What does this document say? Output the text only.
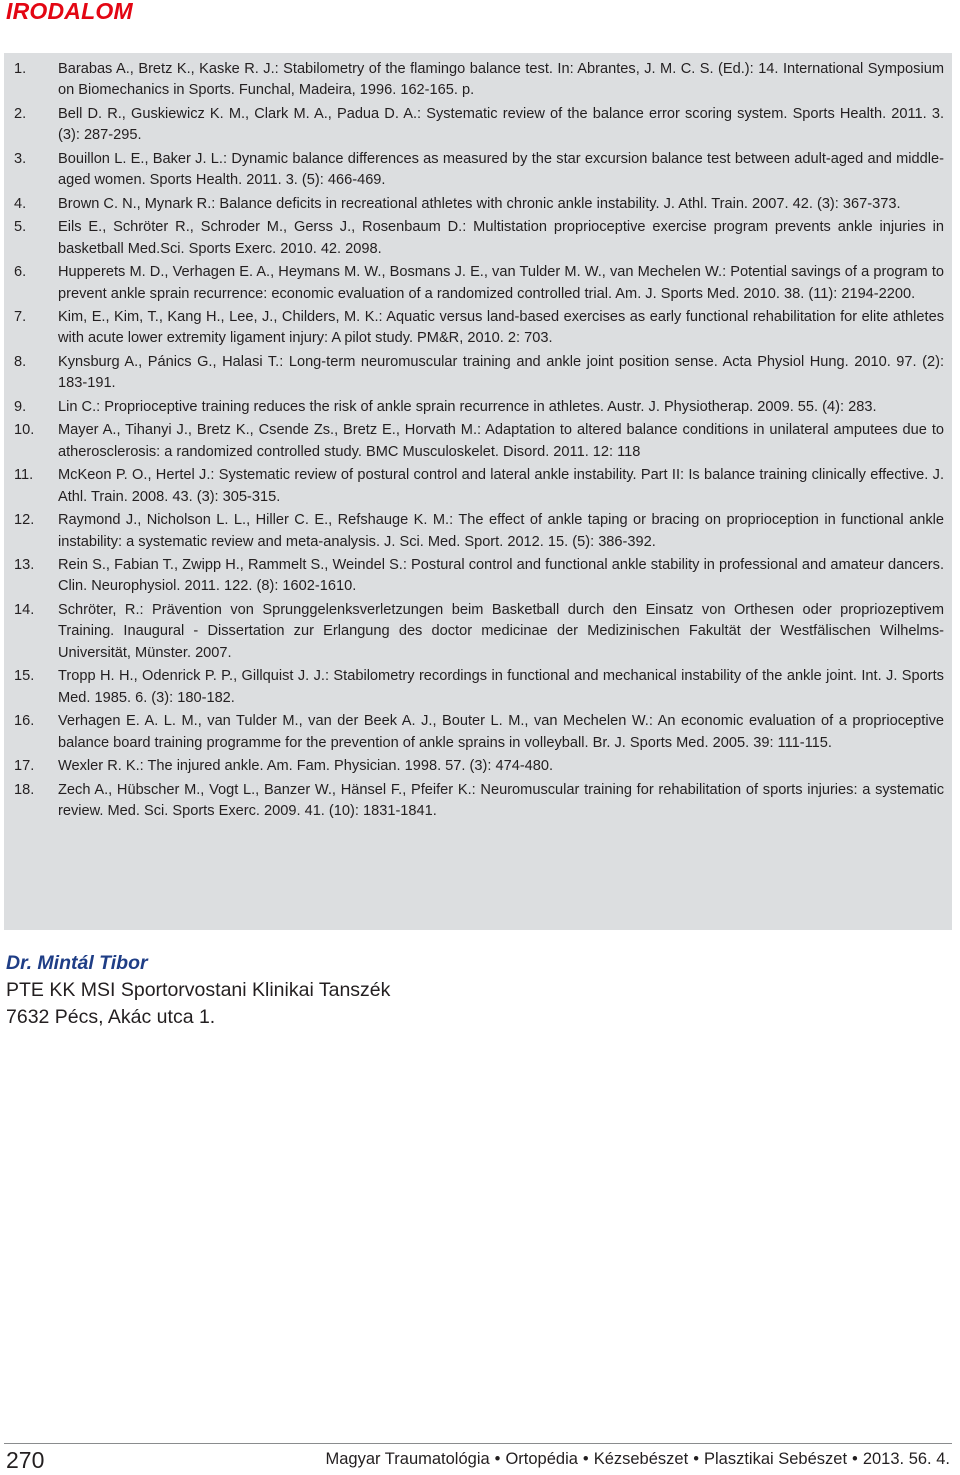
IRODALOM
1. Barabas A., Bretz K., Kaske R. J.: Stabilometry of the flamingo balance test. In: Abrantes, J. M. C. S. (Ed.): 14. International Symposium on Biomechanics in Sports. Funchal, Madeira, 1996. 162-165. p.
2. Bell D. R., Guskiewicz K. M., Clark M. A., Padua D. A.: Systematic review of the balance error scoring system. Sports Health. 2011. 3. (3): 287-295.
3. Bouillon L. E., Baker J. L.: Dynamic balance differences as measured by the star excursion balance test between adult-aged and middle-aged women. Sports Health. 2011. 3. (5): 466-469.
4. Brown C. N., Mynark R.: Balance deficits in recreational athletes with chronic ankle instability. J. Athl. Train. 2007. 42. (3): 367-373.
5. Eils E., Schröter R., Schroder M., Gerss J., Rosenbaum D.: Multistation proprioceptive exercise program prevents ankle injuries in basketball Med.Sci. Sports Exerc. 2010. 42. 2098.
6. Hupperets M. D., Verhagen E. A., Heymans M. W., Bosmans J. E., van Tulder M. W., van Mechelen W.: Potential savings of a program to prevent ankle sprain recurrence: economic evaluation of a randomized controlled trial. Am. J. Sports Med. 2010. 38. (11): 2194-2200.
7. Kim, E., Kim, T., Kang H., Lee, J., Childers, M. K.: Aquatic versus land-based exercises as early functional rehabilitation for elite athletes with acute lower extremity ligament injury: A pilot study. PM&R, 2010. 2: 703.
8. Kynsburg A., Pánics G., Halasi T.: Long-term neuromuscular training and ankle joint position sense. Acta Physiol Hung. 2010. 97. (2): 183-191.
9. Lin C.: Proprioceptive training reduces the risk of ankle sprain recurrence in athletes. Austr. J. Physiotherap. 2009. 55. (4): 283.
10. Mayer A., Tihanyi J., Bretz K., Csende Zs., Bretz E., Horvath M.: Adaptation to altered balance conditions in unilateral amputees due to atherosclerosis: a randomized controlled study. BMC Musculoskelet. Disord. 2011. 12: 118
11. McKeon P. O., Hertel J.: Systematic review of postural control and lateral ankle instability. Part II: Is balance training clinically effective. J. Athl. Train. 2008. 43. (3): 305-315.
12. Raymond J., Nicholson L. L., Hiller C. E., Refshauge K. M.: The effect of ankle taping or bracing on proprioception in functional ankle instability: a systematic review and meta-analysis. J. Sci. Med. Sport. 2012. 15. (5): 386-392.
13. Rein S., Fabian T., Zwipp H., Rammelt S., Weindel S.: Postural control and functional ankle stability in professional and amateur dancers. Clin. Neurophysiol. 2011. 122. (8): 1602-1610.
14. Schröter, R.: Prävention von Sprunggelenksverletzungen beim Basketball durch den Einsatz von Orthesen oder propriozeptivem Training. Inaugural - Dissertation zur Erlangung des doctor medicinae der Medizinischen Fakultät der Westfälischen Wilhelms-Universität, Münster. 2007.
15. Tropp H. H., Odenrick P. P., Gillquist J. J.: Stabilometry recordings in functional and mechanical instability of the ankle joint. Int. J. Sports Med. 1985. 6. (3): 180-182.
16. Verhagen E. A. L. M., van Tulder M., van der Beek A. J., Bouter L. M., van Mechelen W.: An economic evaluation of a proprioceptive balance board training programme for the prevention of ankle sprains in volleyball. Br. J. Sports Med. 2005. 39: 111-115.
17. Wexler R. K.: The injured ankle. Am. Fam. Physician. 1998. 57. (3): 474-480.
18. Zech A., Hübscher M., Vogt L., Banzer W., Hänsel F., Pfeifer K.: Neuromuscular training for rehabilitation of sports injuries: a systematic review. Med. Sci. Sports Exerc. 2009. 41. (10): 1831-1841.

Dr. Mintál Tibor

PTE KK MSI Sportorvostani Klinikai Tanszék

7632 Pécs, Akác utca 1.

270	Magyar Traumatológia • Ortopédia • Kézsebészet • Plasztikai Sebészet • 2013. 56. 4.
